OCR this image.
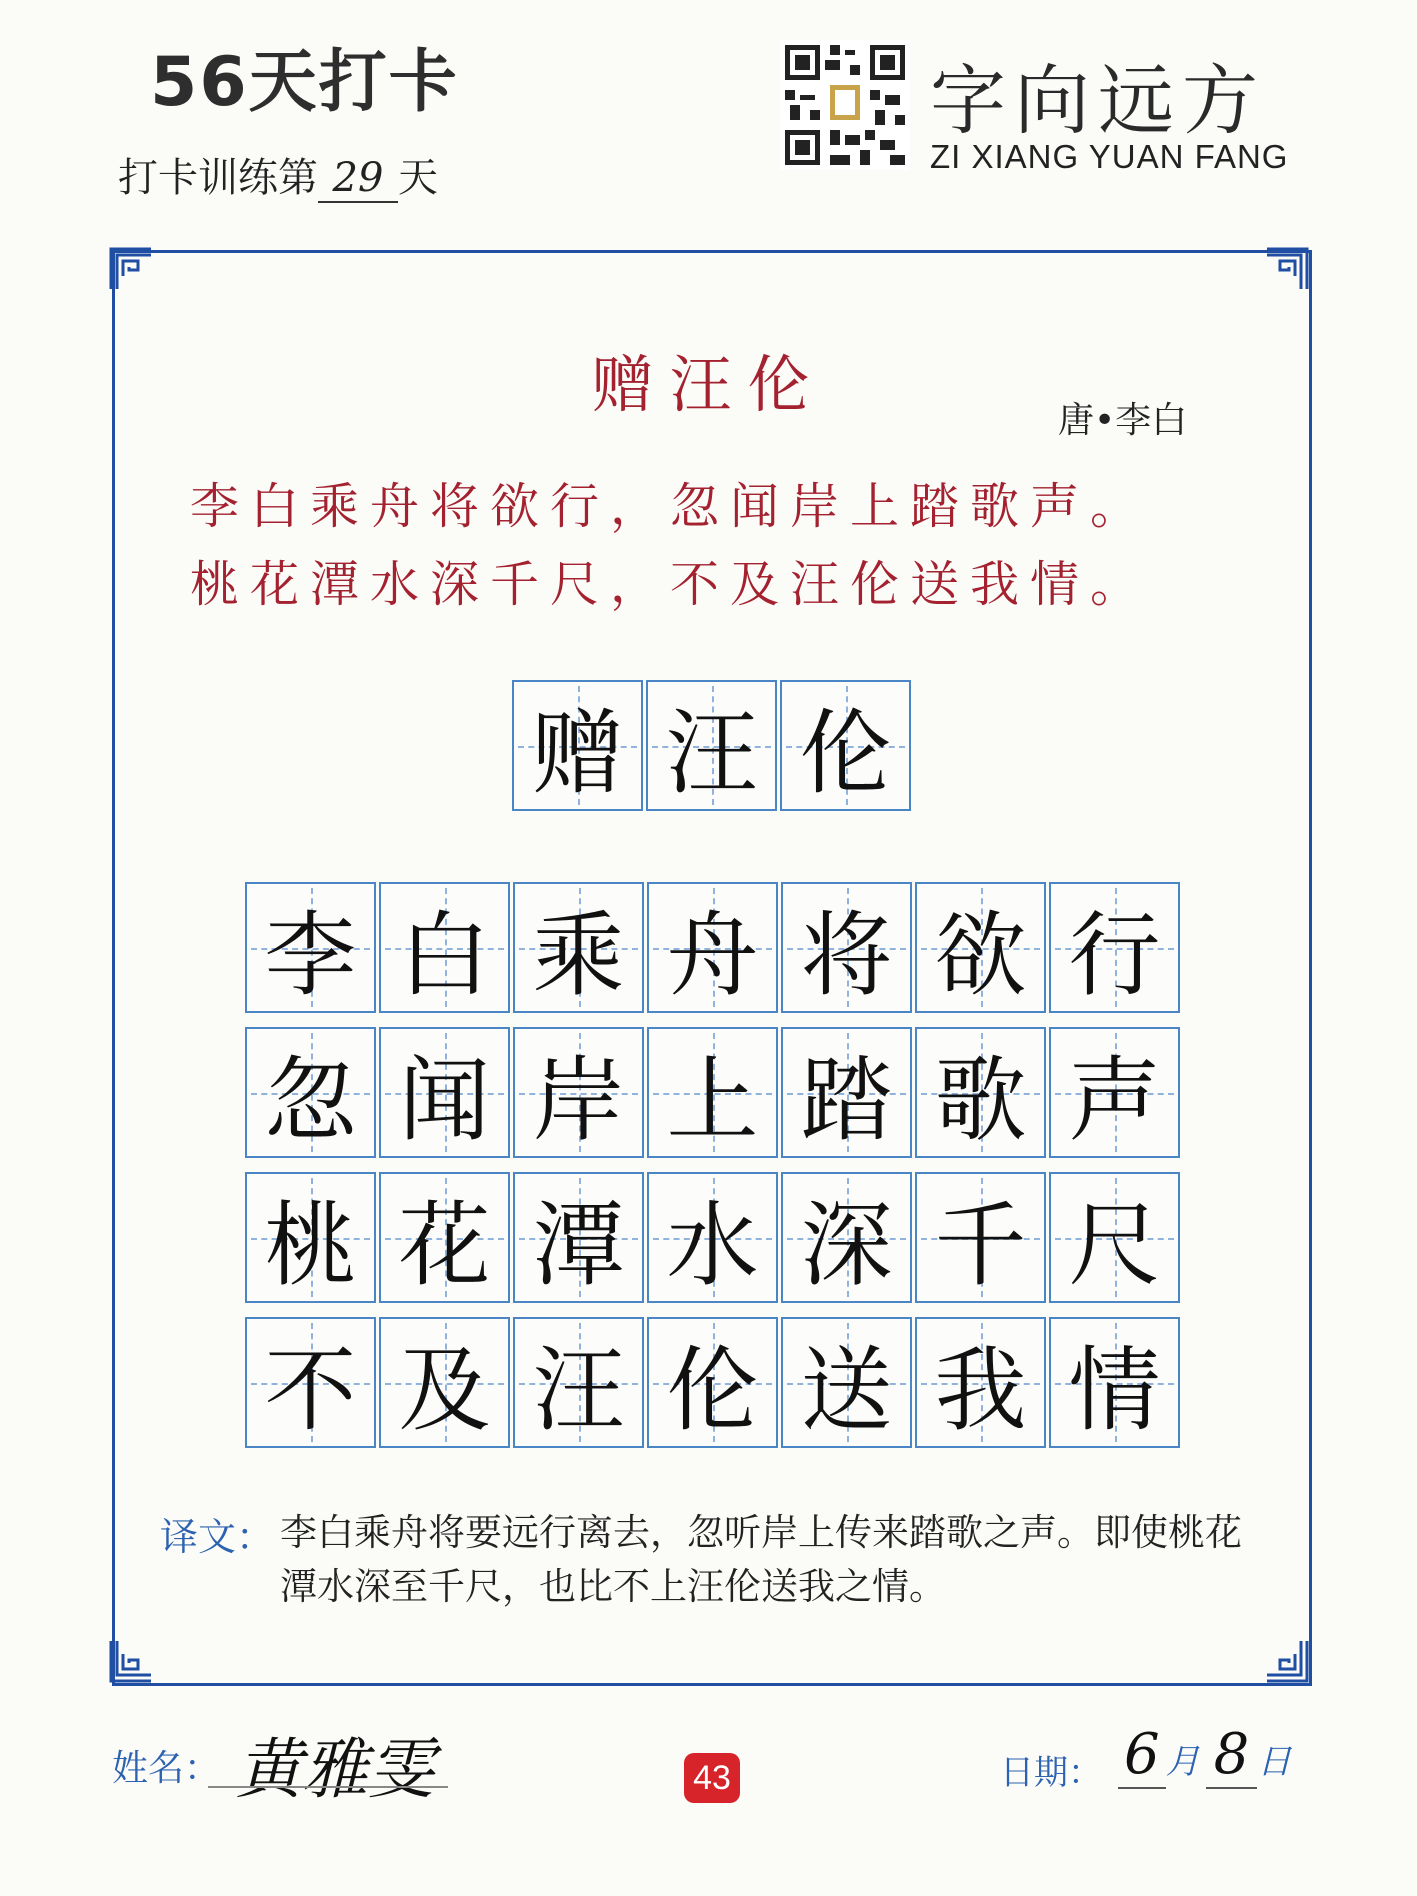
56天打卡
打卡训练第 29 天
字向远方
ZI XIANG YUAN FANG
赠汪伦	唐•李白
李白乘舟将欲行，忽闻岸上踏歌声。
桃花潭水深千尺，不及汪伦送我情。
赠 汪 伦
李 白 乘 舟 将 欲 行
忽 闻 岸 上 踏 歌 声
桃 花 潭 水 深 千 尺
不 及 汪 伦 送 我 情
译文： 李白乘舟将要远行离去，忽听岸上传来踏歌之声。即使桃花潭水深至千尺，也比不上汪伦送我之情。
姓名： 黄雅雯	43	日期： 6 月 8 日
